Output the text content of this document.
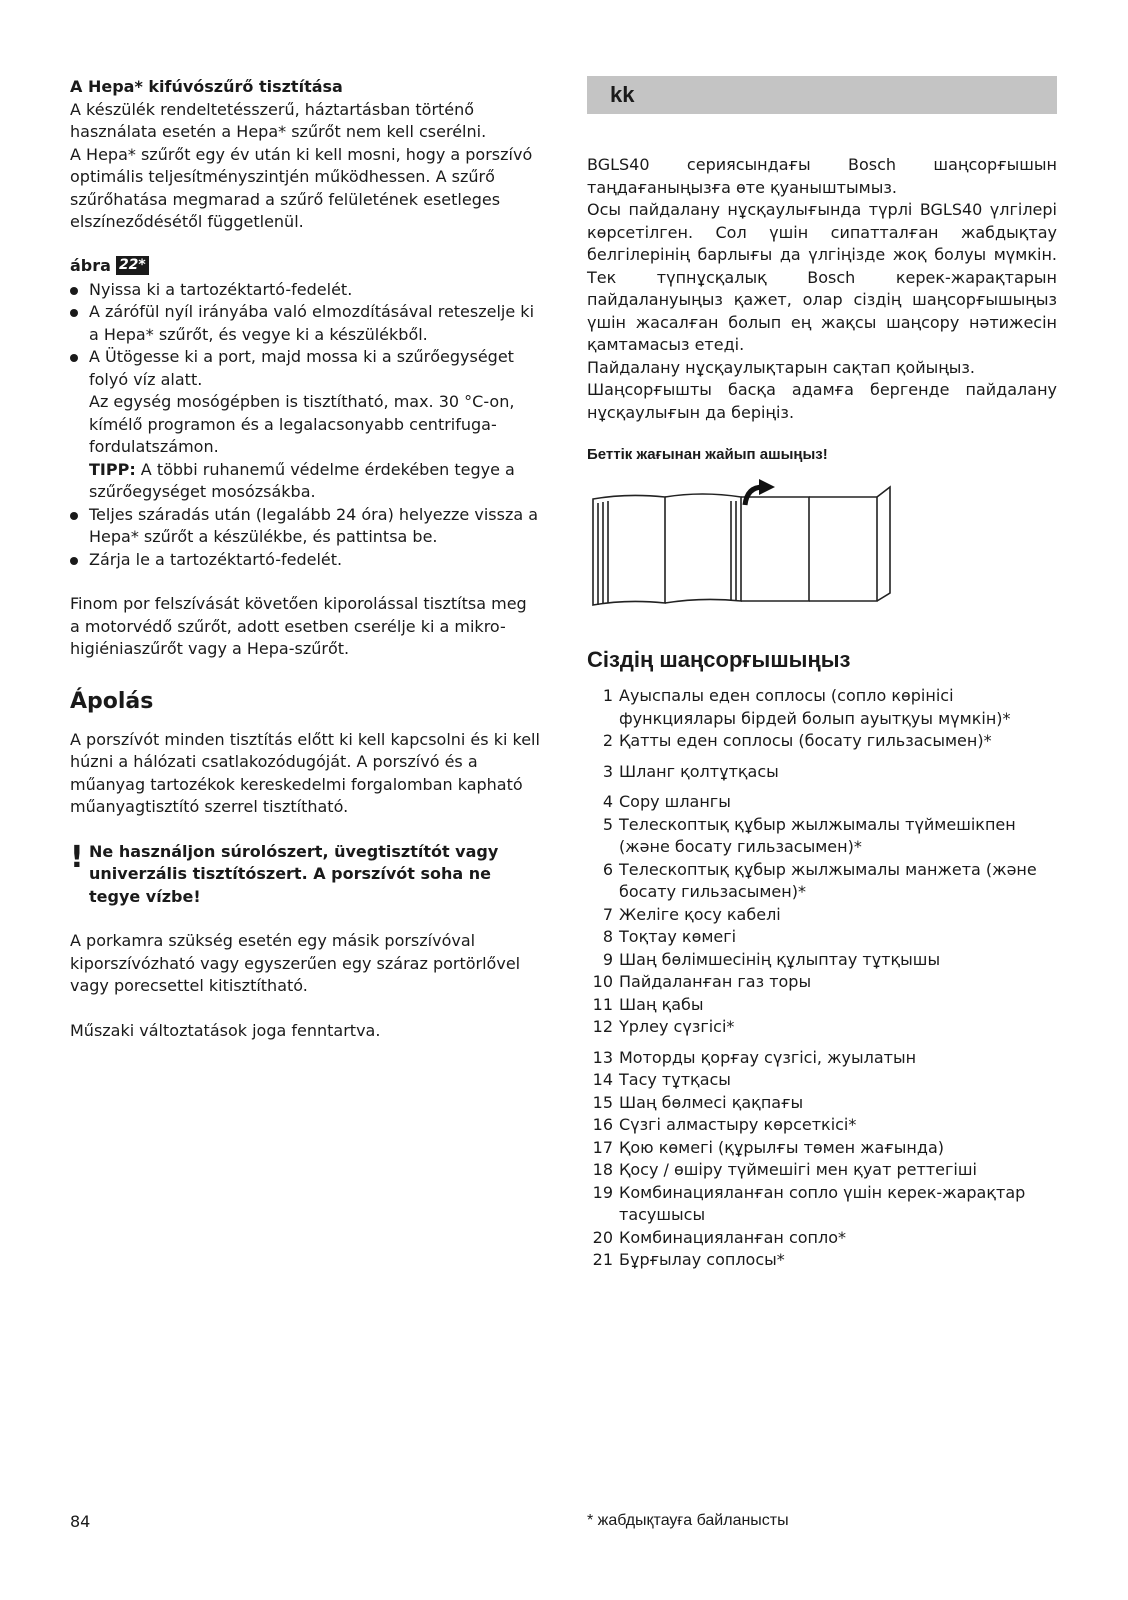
A Hepa* kifúvószűrő tisztítása
A készülék rendeltetésszerű, háztartásban történő használata esetén a Hepa* szűrőt nem kell cserélni.
A Hepa* szűrőt egy év után ki kell mosni, hogy a porszívó optimális teljesítményszintjén működhessen. A szűrő szűrőhatása megmarad a szűrő felületének esetleges elszíneződésétől függetlenül.
ábra 22*
Nyissa ki a tartozéktartó-fedelét.
A zárófül nyíl irányába való elmozdításával reteszelje ki a Hepa* szűrőt, és vegye ki a készülékből.
A Ütögesse ki a port, majd mossa ki a szűrőegységet folyó víz alatt.
Az egység mosógépben is tisztítható, max. 30 °C-on, kímélő programon és a legalacsonyabb centrifuga-fordulatszámon.
TIPP: A többi ruhanemű védelme érdekében tegye a szűrőegységet mosózsákba.
Teljes száradás után (legalább 24 óra) helyezze vissza a Hepa* szűrőt a készülékbe, és pattintsa be.
Zárja le a tartozéktartó-fedelét.
Finom por felszívását követően kiporolással tisztítsa meg a motorvédő szűrőt, adott esetben cserélje ki a mikro-higiéniaszűrőt vagy a Hepa-szűrőt.
Ápolás
A porszívót minden tisztítás előtt ki kell kapcsolni és ki kell húzni a hálózati csatlakozódugóját. A porszívó és a műanyag tartozékok kereskedelmi forgalomban kapható műanyagtisztító szerrel tisztítható.
! Ne használjon súrolószert, üvegtisztítót vagy univerzális tisztítószert. A porszívót soha ne tegye vízbe!
A porkamra szükség esetén egy másik porszívóval kiporszívózható vagy egyszerűen egy száraz portörlővel vagy porecsettel kitisztítható.
Műszaki változtatások joga fenntartva.
kk
BGLS40 сериясындағы Bosch шаңсорғышын таңдағаныңызға өте қуаныштымыз.
Осы пайдалану нұсқаулығында түрлі BGLS40 үлгілері көрсетілген. Сол үшін сипатталған жабдықтау белгілерінің барлығы да үлгіңізде жоқ болуы мүмкін. Тек түпнұсқалық Bosch керек-жарақтарын пайдалануыңыз қажет, олар сіздің шаңсорғышыңыз үшін жасалған болып ең жақсы шаңсору нәтижесін қамтамасыз етеді.
Пайдалану нұсқаулықтарын сақтап қойыңыз.
Шаңсорғышты басқа адамға бергенде пайдалану нұсқаулығын да беріңіз.
Беттік жағынан жайып ашыңыз!
Сіздің шаңсорғышыңыз
1 Ауыспалы еден соплосы (сопло көрінісі функциялары бірдей болып ауытқуы мүмкін)*
2 Қатты еден соплосы (босату гильзасымен)*
3 Шланг қолтұтқасы
4 Сору шлангы
5 Телескоптық құбыр жылжымалы түймешікпен (және босату гильзасымен)*
6 Телескоптық құбыр жылжымалы манжета (және босату гильзасымен)*
7 Желіге қосу кабелі
8 Тоқтау көмегі
9 Шаң бөлімшесінің құлыптау тұтқышы
10 Пайдаланған газ торы
11 Шаң қабы
12 Үрлеу сүзгісі*
13 Моторды қорғау сүзгісі, жуылатын
14 Тасу тұтқасы
15 Шаң бөлмесі қақпағы
16 Сүзгі алмастыру көрсеткісі*
17 Қою көмегі (құрылғы төмен жағында)
18 Қосу / өшіру түймешігі мен қуат реттегіші
19 Комбинацияланған сопло үшін керек-жарақтар тасушысы
20 Комбинацияланған сопло*
21 Бұрғылау соплосы*
84	* жабдықтауға байланысты
